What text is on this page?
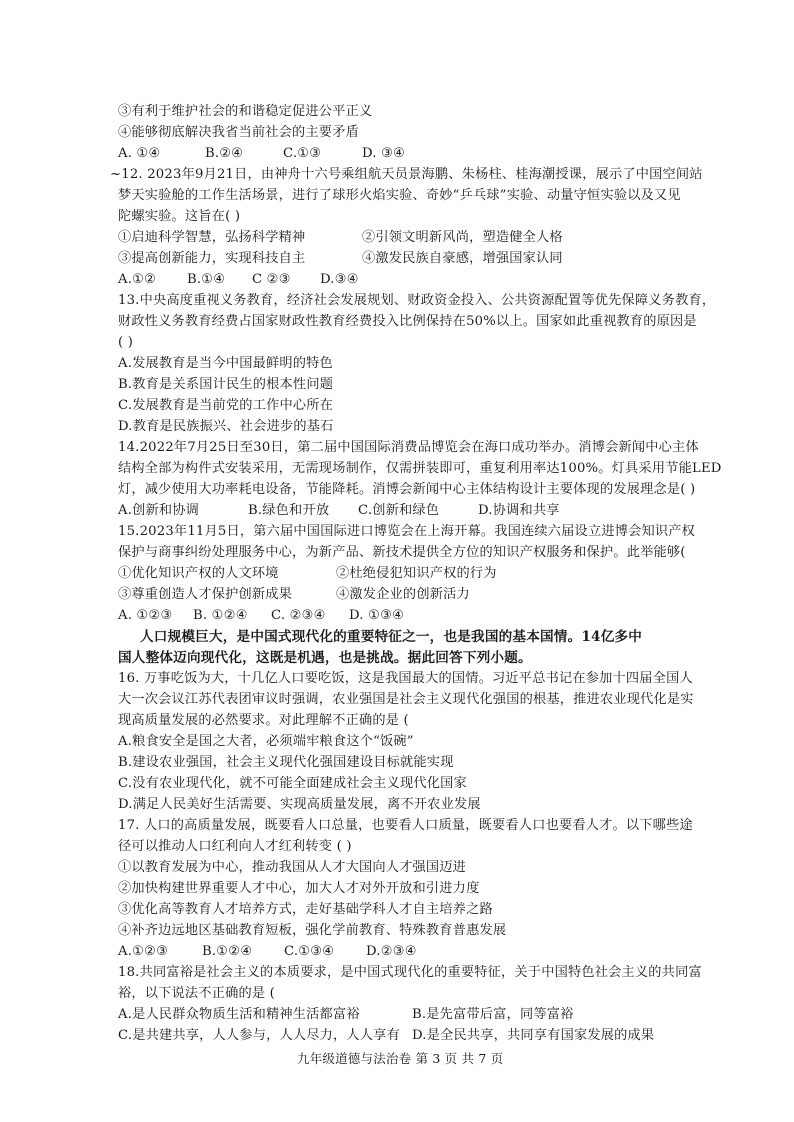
③有利于维护社会的和谐稳定促进公平正义
④能够彻底解决我省当前社会的主要矛盾
A. ①④	B.②④	C.①③	D. ③④
~12. 2023年9月21日，由神舟十六号乘组航天员景海鹏、朱杨柱、桂海潮授课，展示了中国空间站
梦天实验舱的工作生活场景，进行了球形火焰实验、奇妙“乒乓球”实验、动量守恒实验以及又见
陀螺实验。这旨在( )
①启迪科学智慧，弘扬科学精神	②引领文明新风尚，塑造健全人格
③提高创新能力，实现科技自主	④激发民族自豪感，增强国家认同
A.①② B.①④ C ②③ D.③④
13.中央高度重视义务教育，经济社会发展规划、财政资金投入、公共资源配置等优先保障义务教育，
财政性义务教育经费占国家财政性教育经费投入比例保持在50%以上。国家如此重视教育的原因是
( )
A.发展教育是当今中国最鲜明的特色
B.教育是关系国计民生的根本性问题
C.发展教育是当前党的工作中心所在
D.教育是民族振兴、社会进步的基石
14.2022年7月25日至30日，第二届中国国际消费品博览会在海口成功举办。消博会新闻中心主体
结构全部为构件式安装采用，无需现场制作，仅需拼装即可，重复利用率达100%。灯具采用节能LED
灯，减少使用大功率耗电设备，节能降耗。消博会新闻中心主体结构设计主要体现的发展理念是( )
A.创新和协调	B.绿色和开放 C.创新和绿色	D.协调和共享
15.2023年11月5日，第六届中国国际进口博览会在上海开幕。我国连续六届设立进博会知识产权
保护与商事纠纷处理服务中心，为新产品、新技术提供全方位的知识产权服务和保护。此举能够(
①优化知识产权的人文环境	②杜绝侵犯知识产权的行为
③尊重创造人才保护创新成果	④激发企业的创新活力
A. ①②③ B. ①②④ C. ②③④ D. ①③④
人口规模巨大，是中国式现代化的重要特征之一，也是我国的基本国情。14亿多中
国人整体迈向现代化，这既是机遇，也是挑战。据此回答下列小题。
16. 万事吃饭为大，十几亿人口要吃饭，这是我国最大的国情。习近平总书记在参加十四届全国人
大一次会议江苏代表团审议时强调，农业强国是社会主义现代化强国的根基，推进农业现代化是实
现高质量发展的必然要求。对此理解不正确的是 (
A.粮食安全是国之大者，必须端牢粮食这个“饭碗”
B.建设农业强国，社会主义现代化强国建设目标就能实现
C.没有农业现代化，就不可能全面建成社会主义现代化国家
D.满足人民美好生活需要、实现高质量发展，离不开农业发展
17. 人口的高质量发展，既要看人口总量，也要看人口质量，既要看人口也要看人才。以下哪些途
径可以推动人口红利向人才红利转变 ( )
①以教育发展为中心，推动我国从人才大国向人才强国迈进
②加快构建世界重要人才中心，加大人才对外开放和引进力度
③优化高等教育人才培养方式，走好基础学科人才自主培养之路
④补齐边远地区基础教育短板，强化学前教育、特殊教育普惠发展
A.①②③	B.①②④ C.①③④ D.②③④
18.共同富裕是社会主义的本质要求，是中国式现代化的重要特征，关于中国特色社会主义的共同富
裕，以下说法不正确的是 (
A.是人民群众物质生活和精神生活都富裕	B.是先富带后富，同等富裕
C.是共建共享，人人参与，人人尽力，人人享有 D.是全民共享，共同享有国家发展的成果
九年级道德与法治卷 第 3 页 共 7 页
